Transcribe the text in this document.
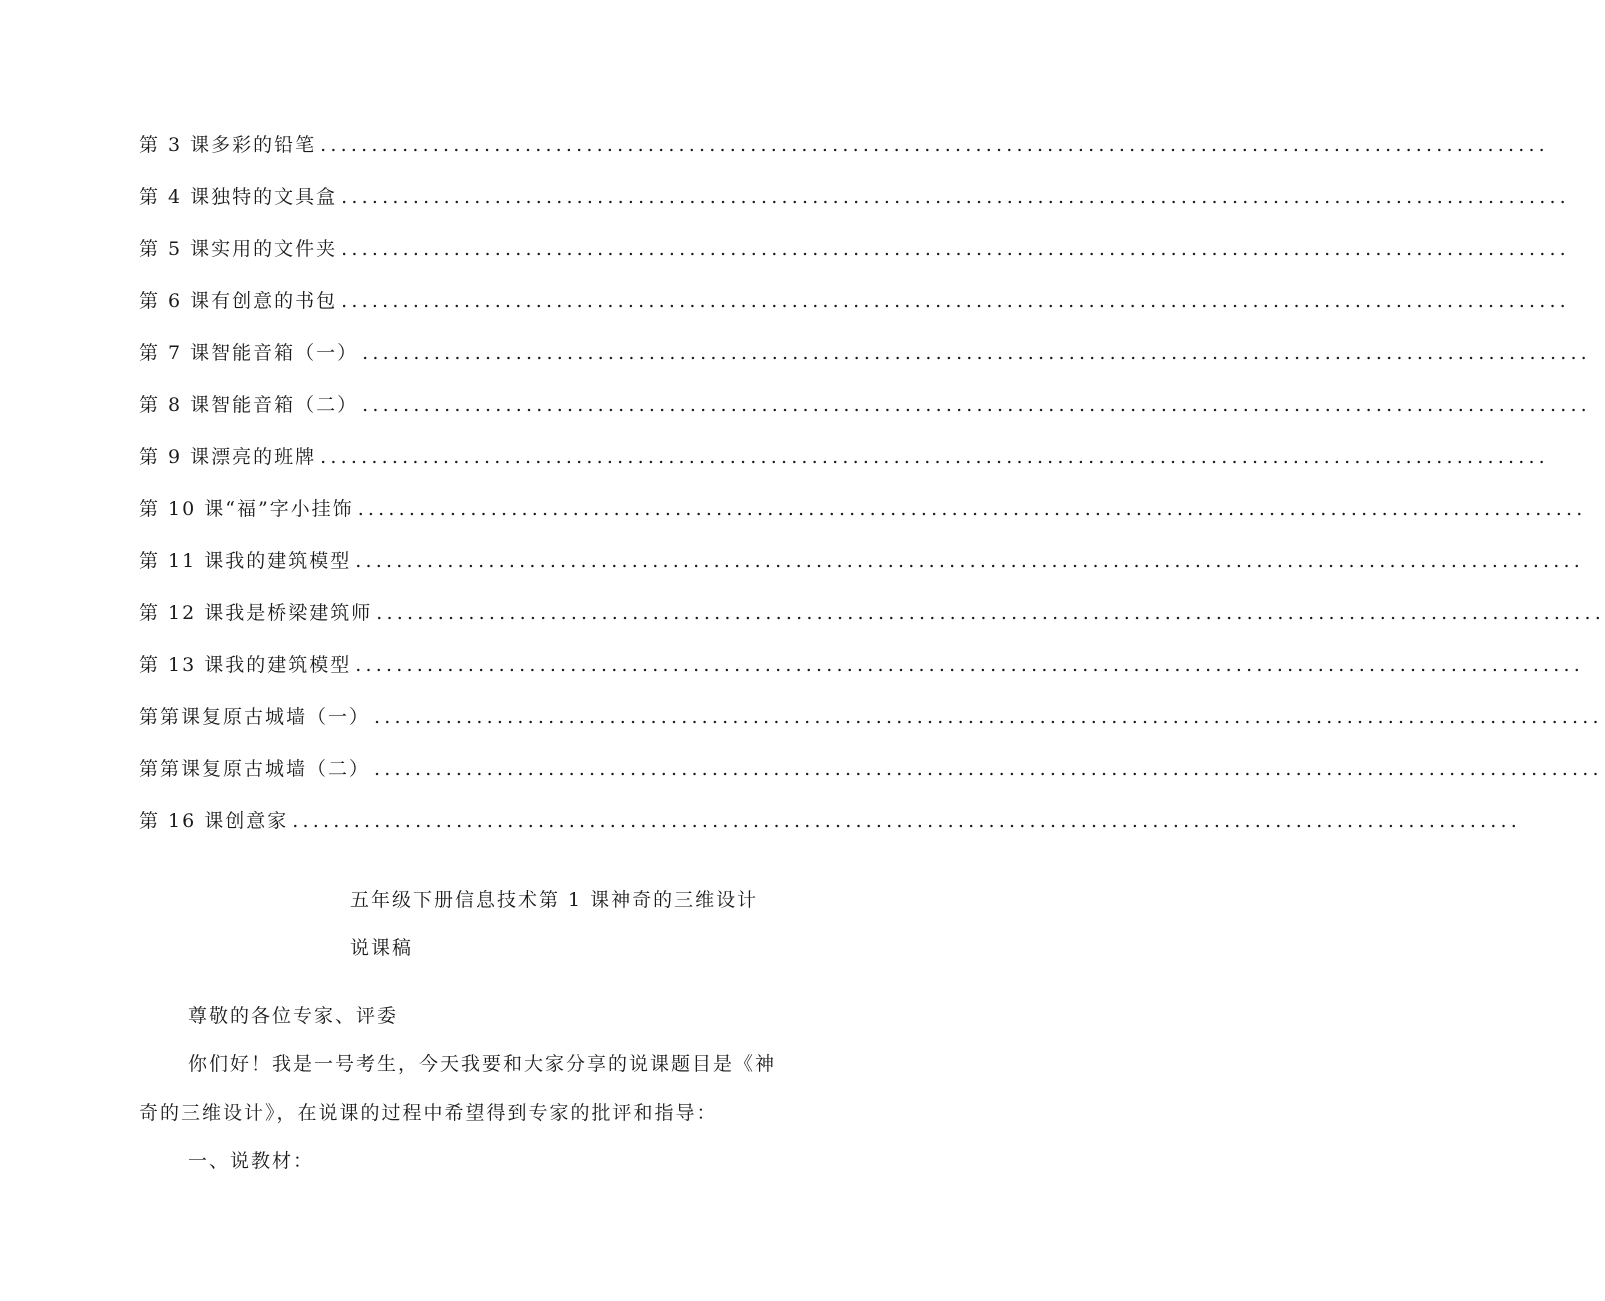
第 3 课多彩的铅笔 ........................................................................................................................
第 4 课独特的文具盒 ........................................................................................................................
第 5 课实用的文件夹 ........................................................................................................................
第 6 课有创意的书包 ........................................................................................................................
第 7 课智能音箱（一） ........................................................................................................................
第 8 课智能音箱（二） ........................................................................................................................
第 9 课漂亮的班牌 ........................................................................................................................
第 10 课“福”字小挂饰 ........................................................................................................................
第 11 课我的建筑模型 ........................................................................................................................
第 12 课我是桥梁建筑师 ........................................................................................................................
第 13 课我的建筑模型 ........................................................................................................................
第第课复原古城墙（一） ........................................................................................................................
第第课复原古城墙（二） ........................................................................................................................
第 16 课创意家 ........................................................................................................................
五年级下册信息技术第 1 课神奇的三维设计
说课稿
尊敬的各位专家、评委
你们好！我是一号考生，今天我要和大家分享的说课题目是《神
奇的三维设计》，在说课的过程中希望得到专家的批评和指导：
一、说教材：
